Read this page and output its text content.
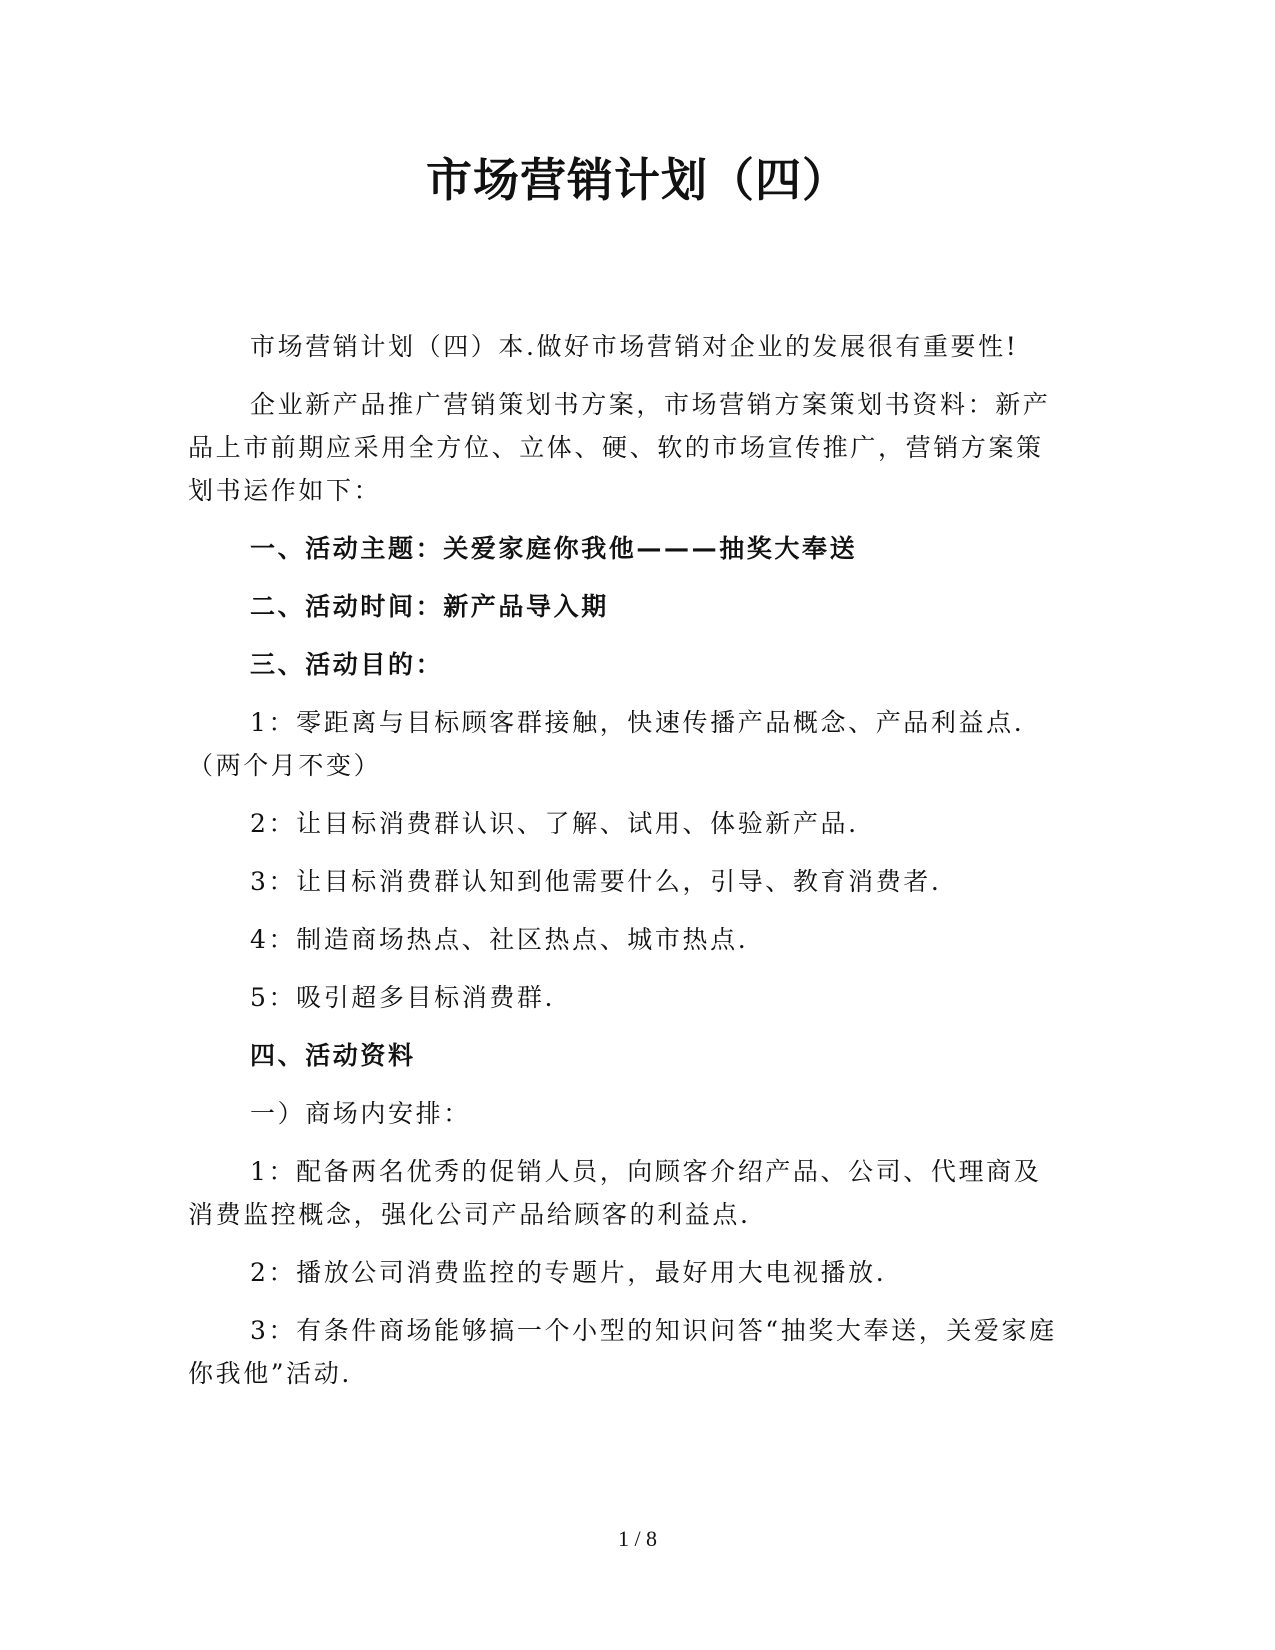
市场营销计划（四）

市场营销计划（四）本.做好市场营销对企业的发展很有重要性!

企业新产品推广营销策划书方案，市场营销方案策划书资料：新产品上市前期应采用全方位、立体、硬、软的市场宣传推广，营销方案策划书运作如下：

一、活动主题：关爱家庭你我他———抽奖大奉送

二、活动时间：新产品导入期

三、活动目的：

1：零距离与目标顾客群接触，快速传播产品概念、产品利益点.（两个月不变）

2：让目标消费群认识、了解、试用、体验新产品.

3：让目标消费群认知到他需要什么，引导、教育消费者.

4：制造商场热点、社区热点、城市热点.

5：吸引超多目标消费群.

四、活动资料

一）商场内安排：

1：配备两名优秀的促销人员，向顾客介绍产品、公司、代理商及消费监控概念，强化公司产品给顾客的利益点.

2：播放公司消费监控的专题片，最好用大电视播放.

3：有条件商场能够搞一个小型的知识问答“抽奖大奉送，关爱家庭你我他”活动.

1 / 8
